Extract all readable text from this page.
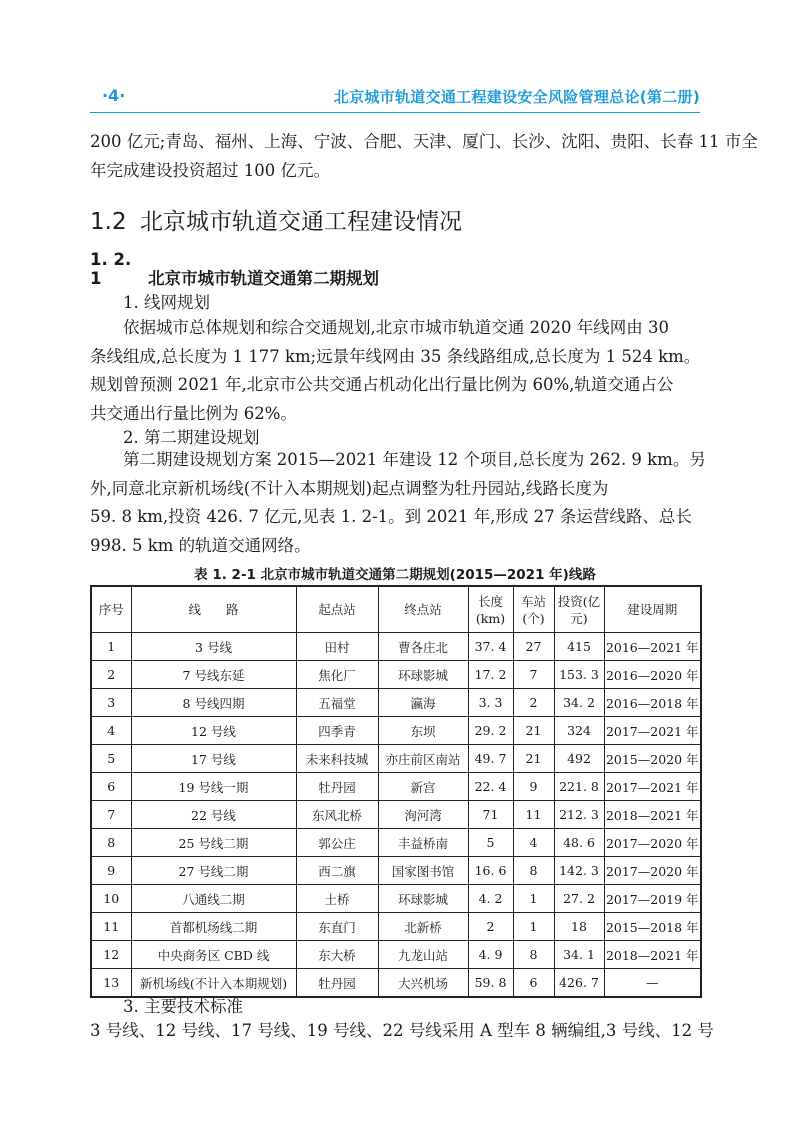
·4·	北京城市轨道交通工程建设安全风险管理总论(第二册)
200 亿元;青岛、福州、上海、宁波、合肥、天津、厦门、长沙、沈阳、贵阳、长春 11 市全
年完成建设投资超过 100 亿元。
1.2 北京城市轨道交通工程建设情况
1. 2. 1	北京市城市轨道交通第二期规划
1. 线网规划
依据城市总体规划和综合交通规划,北京市城市轨道交通 2020 年线网由 30
条线组成,总长度为 1 177 km;远景年线网由 35 条线路组成,总长度为 1 524 km。
规划曾预测 2021 年,北京市公共交通占机动化出行量比例为 60%,轨道交通占公
共交通出行量比例为 62%。
2. 第二期建设规划
第二期建设规划方案 2015—2021 年建设 12 个项目,总长度为 262. 9 km。另
外,同意北京新机场线(不计入本期规划)起点调整为牡丹园站,线路长度为
59. 8 km,投资 426. 7 亿元,见表 1. 2-1。到 2021 年,形成 27 条运营线路、总长
998. 5 km 的轨道交通网络。
表 1. 2-1 北京市城市轨道交通第二期规划(2015—2021 年)线路
序号	线　　路	起点站	终点站	长度(km)	车站(个)	投资(亿元)	建设周期
1	3 号线	田村	曹各庄北	37. 4	27	415	2016—2021 年
2	7 号线东延	焦化厂	环球影城	17. 2	7	153. 3	2016—2020 年
3	8 号线四期	五福堂	瀛海	3. 3	2	34. 2	2016—2018 年
4	12 号线	四季青	东坝	29. 2	21	324	2017—2021 年
5	17 号线	未来科技城	亦庄前区南站	49. 7	21	492	2015—2020 年
6	19 号线一期	牡丹园	新宫	22. 4	9	221. 8	2017—2021 年
7	22 号线	东风北桥	洵河湾	71	11	212. 3	2018—2021 年
8	25 号线二期	郭公庄	丰益桥南	5	4	48. 6	2017—2020 年
9	27 号线二期	西二旗	国家图书馆	16. 6	8	142. 3	2017—2020 年
10	八通线二期	土桥	环球影城	4. 2	1	27. 2	2017—2019 年
11	首都机场线二期	东直门	北新桥	2	1	18	2015—2018 年
12	中央商务区 CBD 线	东大桥	九龙山站	4. 9	8	34. 1	2018—2021 年
13	新机场线(不计入本期规划)	牡丹园	大兴机场	59. 8	6	426. 7	—
3. 主要技术标准
3 号线、12 号线、17 号线、19 号线、22 号线采用 A 型车 8 辆编组,3 号线、12 号
